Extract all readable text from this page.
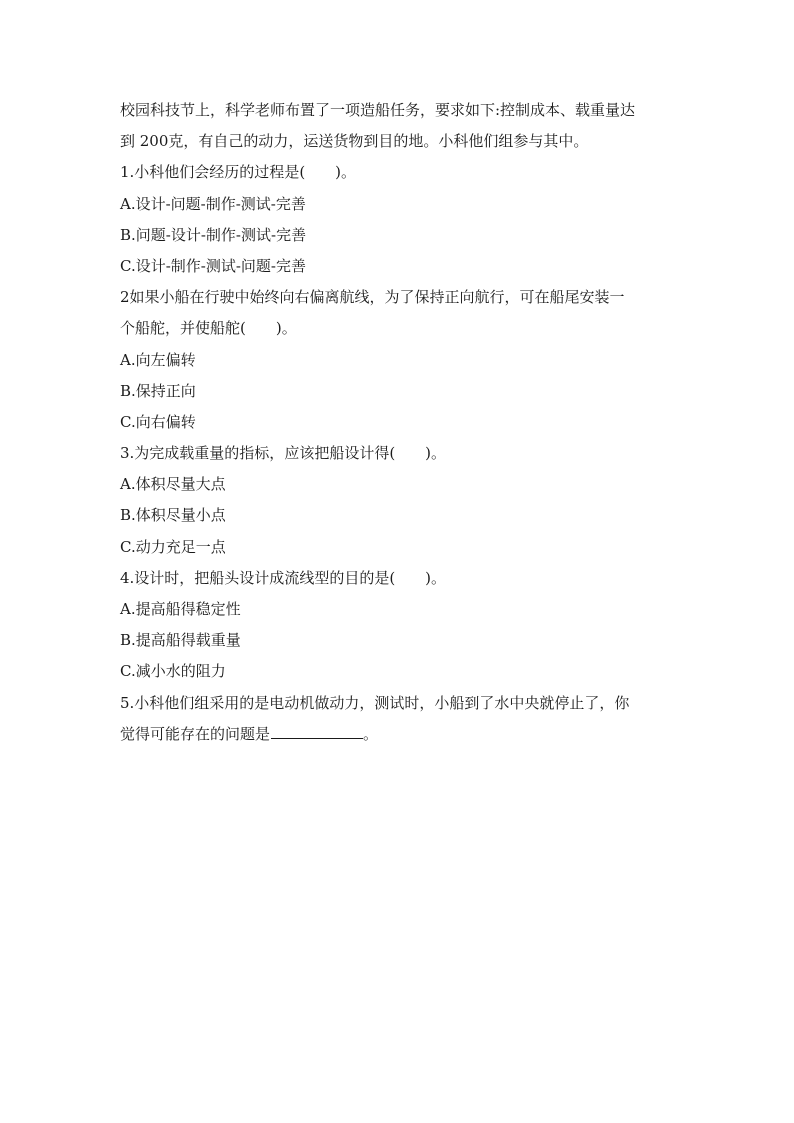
校园科技节上，科学老师布置了一项造船任务，要求如下:控制成本、载重量达

到 200克，有自己的动力，运送货物到目的地。小科他们组参与其中。

1.小科他们会经历的过程是(　　)。

A.设计-问题-制作-测试-完善

B.问题-设计-制作-测试-完善

C.设计-制作-测试-问题-完善

2如果小船在行驶中始终向右偏离航线，为了保持正向航行，可在船尾安装一

个船舵，并使船舵(　　)。

A.向左偏转

B.保持正向

C.向右偏转

3.为完成载重量的指标，应该把船设计得(　　)。

A.体积尽量大点

B.体积尽量小点

C.动力充足一点

4.设计时，把船头设计成流线型的目的是(　　)。

A.提高船得稳定性

B.提高船得载重量

C.减小水的阻力

5.小科他们组采用的是电动机做动力，测试时，小船到了水中央就停止了，你

觉得可能存在的问题是	。
